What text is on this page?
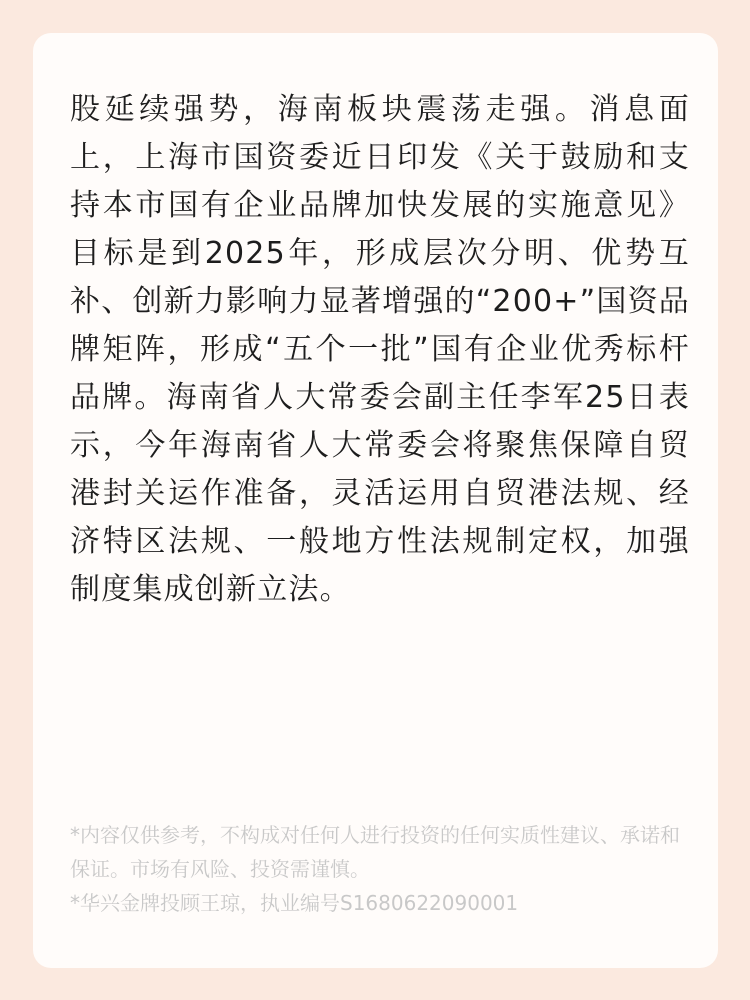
股延续强势，海南板块震荡走强。消息面上，上海市国资委近日印发《关于鼓励和支持本市国有企业品牌加快发展的实施意见》目标是到2025年，形成层次分明、优势互补、创新力影响力显著增强的“200+”国资品牌矩阵，形成“五个一批”国有企业优秀标杆品牌。海南省人大常委会副主任李军25日表示，今年海南省人大常委会将聚焦保障自贸港封关运作准备，灵活运用自贸港法规、经济特区法规、一般地方性法规制定权，加强制度集成创新立法。

*内容仅供参考，不构成对任何人进行投资的任何实质性建议、承诺和保证。市场有风险、投资需谨慎。

*华兴金牌投顾王琼，执业编号S1680622090001
